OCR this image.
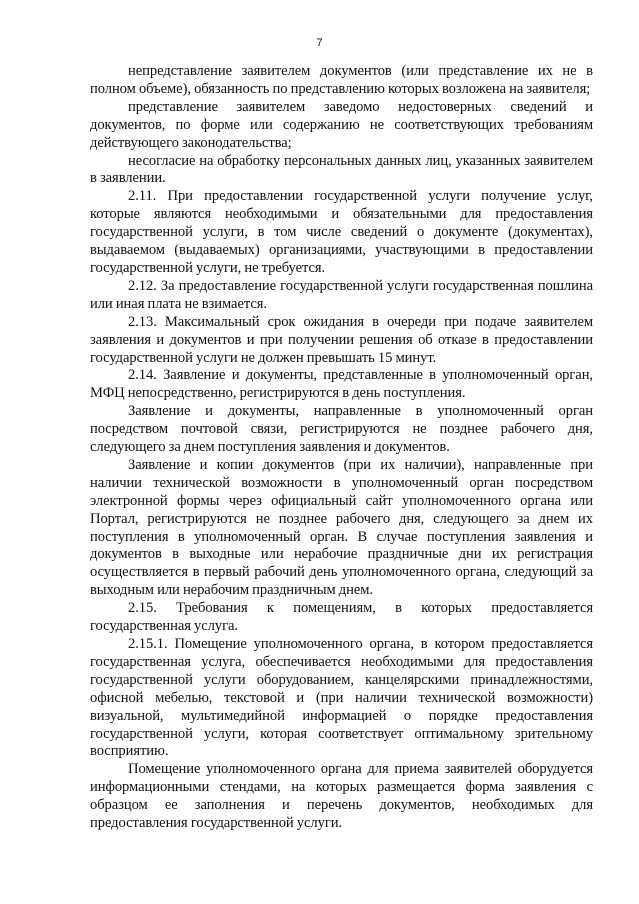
7

непредставление заявителем документов (или представление их не в полном объеме), обязанность по представлению которых возложена на заявителя;

представление заявителем заведомо недостоверных сведений и документов, по форме или содержанию не соответствующих требованиям действующего законодательства;

несогласие на обработку персональных данных лиц, указанных заявителем в заявлении.

2.11. При предоставлении государственной услуги получение услуг, которые являются необходимыми и обязательными для предоставления государственной услуги, в том числе сведений о документе (документах), выдаваемом (выдаваемых) организациями, участвующими в предоставлении государственной услуги, не требуется.

2.12. За предоставление государственной услуги государственная пошлина или иная плата не взимается.

2.13. Максимальный срок ожидания в очереди при подаче заявителем заявления и документов и при получении решения об отказе в предоставлении государственной услуги не должен превышать 15 минут.

2.14. Заявление и документы, представленные в уполномоченный орган, МФЦ непосредственно, регистрируются в день поступления.

Заявление и документы, направленные в уполномоченный орган посредством почтовой связи, регистрируются не позднее рабочего дня, следующего за днем поступления заявления и документов.

Заявление и копии документов (при их наличии), направленные при наличии технической возможности в уполномоченный орган посредством электронной формы через официальный сайт уполномоченного органа или Портал, регистрируются не позднее рабочего дня, следующего за днем их поступления в уполномоченный орган. В случае поступления заявления и документов в выходные или нерабочие праздничные дни их регистрация осуществляется в первый рабочий день уполномоченного органа, следующий за выходным или нерабочим праздничным днем.

2.15. Требования к помещениям, в которых предоставляется государственная услуга.

2.15.1. Помещение уполномоченного органа, в котором предоставляется государственная услуга, обеспечивается необходимыми для предоставления государственной услуги оборудованием, канцелярскими принадлежностями, офисной мебелью, текстовой и (при наличии технической возможности) визуальной, мультимедийной информацией о порядке предоставления государственной услуги, которая соответствует оптимальному зрительному восприятию.

Помещение уполномоченного органа для приема заявителей оборудуется информационными стендами, на которых размещается форма заявления с образцом ее заполнения и перечень документов, необходимых для предоставления государственной услуги.
